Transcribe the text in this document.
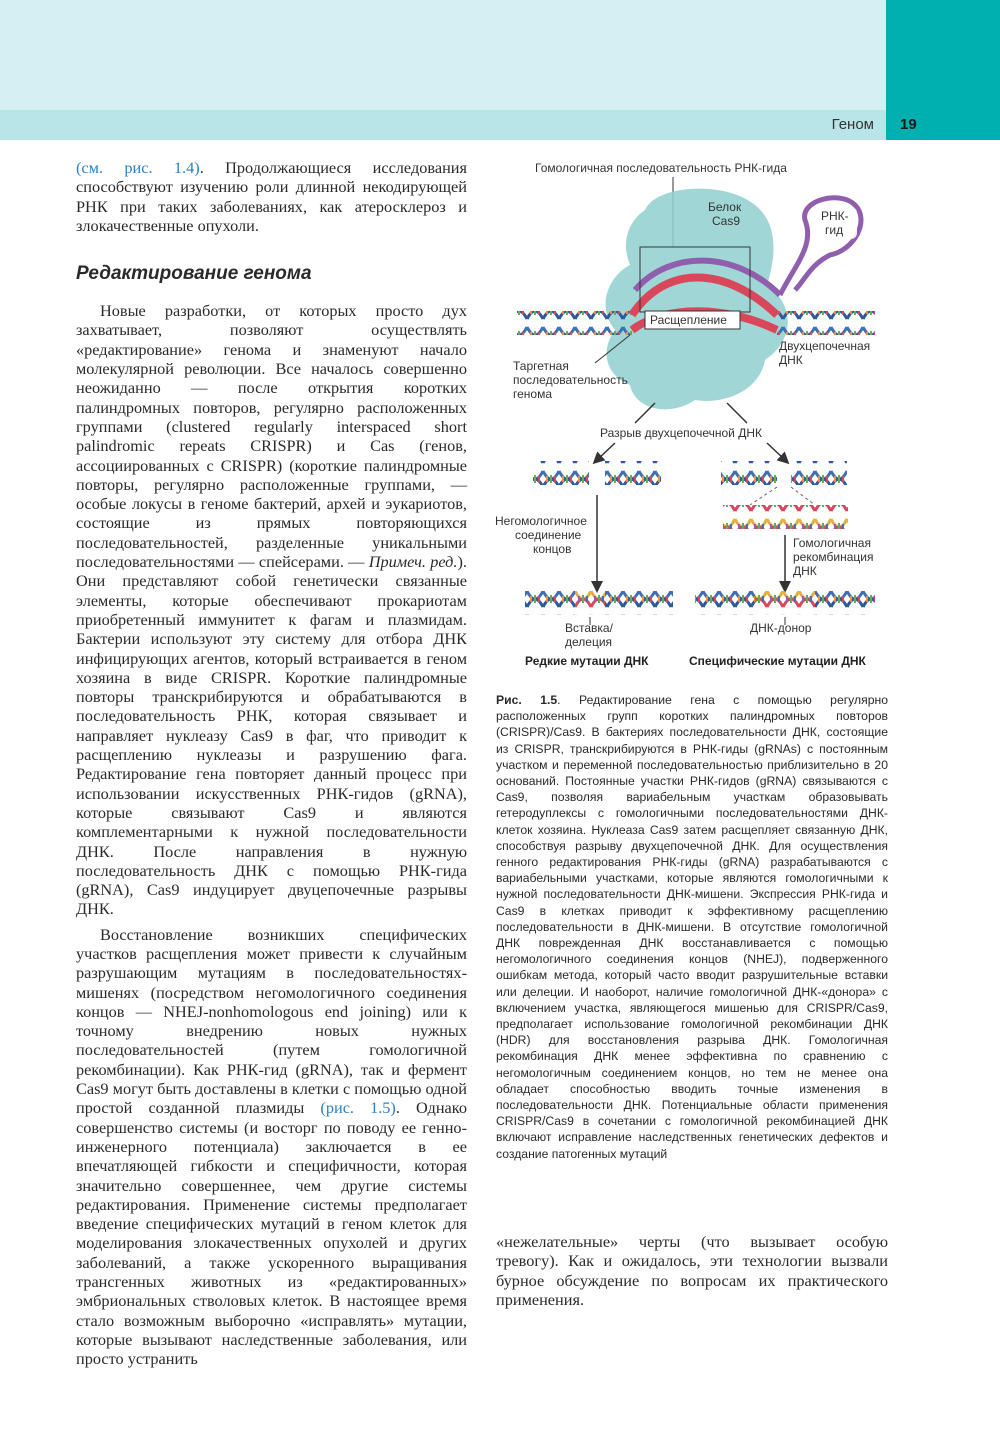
Геном 19

(см. рис. 1.4). Продолжающиеся исследования способствуют изучению роли длинной некодирующей РНК при таких заболеваниях, как атеросклероз и злокачественные опухоли.

Редактирование генома

Новые разработки, от которых просто дух захватывает, позволяют осуществлять «редактирование» генома и знаменуют начало молекулярной революции. Все началось совершенно неожиданно — после открытия коротких палиндромных повторов, регулярно расположенных группами (clustered regularly interspaced short palindromic repeats CRISPR) и Cas (генов, ассоциированных с CRISPR) (короткие палиндромные повторы, регулярно расположенные группами, — особые локусы в геноме бактерий, архей и эукариотов, состоящие из прямых повторяющихся последовательностей, разделенные уникальными последовательностями — спейсерами. — Примеч. ред.). Они представляют собой генетически связанные элементы, которые обеспечивают прокариотам приобретенный иммунитет к фагам и плазмидам. Бактерии используют эту систему для отбора ДНК инфицирующих агентов, который встраивается в геном хозяина в виде CRISPR. Короткие палиндромные повторы транскрибируются и обрабатываются в последовательность РНК, которая связывает и направляет нуклеазу Cas9 в фаг, что приводит к расщеплению нуклеазы и разрушению фага. Редактирование гена повторяет данный процесс при использовании искусственных РНК-гидов (gRNA), которые связывают Cas9 и являются комплементарными к нужной последовательности ДНК. После направления в нужную последовательность ДНК с помощью РНК-гида (gRNA), Cas9 индуцирует двуцепочечные разрывы ДНК.

Восстановление возникших специфических участков расщепления может привести к случайным разрушающим мутациям в последовательностях-мишенях (посредством негомологичного соединения концов — NHEJ-nonhomologous end joining) или к точному внедрению новых нужных последовательностей (путем гомологичной рекомбинации). Как РНК-гид (gRNA), так и фермент Cas9 могут быть доставлены в клетки с помощью одной простой созданной плазмиды (рис. 1.5). Однако совершенство системы (и восторг по поводу ее генно-инженерного потенциала) заключается в ее впечатляющей гибкости и специфичности, которая значительно совершеннее, чем другие системы редактирования. Применение системы предполагает введение специфических мутаций в геном клеток для моделирования злокачественных опухолей и других заболеваний, а также ускоренного выращивания трансгенных животных из «редактированных» эмбриональных стволовых клеток. В настоящее время стало возможным выборочно «исправлять» мутации, которые вызывают наследственные заболевания, или просто устранить

Гомологичная последовательность РНК-гида
РНК-
гид
Белок
Cas9
Расщепление
Двухцепочечная
ДНК
Таргетная
последовательность
генома
Разрыв двухцепочечной ДНК
Негомологичное
соединение
концов	Гомологичная
рекомбинация
ДНК
Вставка/
делеция
ДНК-донор
Редкие мутации ДНК	Специфические мутации ДНК
Рис. 1.5. Редактирование гена с помощью регулярно расположенных групп коротких палиндромных повторов (CRISPR)/Cas9. В бактериях последовательности ДНК, состоящие из CRISPR, транскрибируются в РНК-гиды (gRNAs) с постоянным участком и переменной последовательностью приблизительно в 20 оснований. Постоянные участки РНК-гидов (gRNA) связываются с Cas9, позволяя вариабельным участкам образовывать гетеродуплексы с гомологичными последовательностями ДНК-клеток хозяина. Нуклеаза Cas9 затем расщепляет связанную ДНК, способствуя разрыву двухцепочечной ДНК. Для осуществления генного редактирования РНК-гиды (gRNA) разрабатываются с вариабельными участками, которые являются гомологичными к нужной последовательности ДНК-мишени. Экспрессия РНК-гида и Cas9 в клетках приводит к эффективному расщеплению последовательности в ДНК-мишени. В отсутствие гомологичной ДНК поврежденная ДНК восстанавливается с помощью негомологичного соединения концов (NHEJ), подверженного ошибкам метода, который часто вводит разрушительные вставки или делеции. И наоборот, наличие гомологичной ДНК-«донора» с включением участка, являющегося мишенью для CRISPR/Cas9, предполагает использование гомологичной рекомбинации ДНК (HDR) для восстановления разрыва ДНК. Гомологичная рекомбинация ДНК менее эффективна по сравнению с негомологичным соединением концов, но тем не менее она обладает способностью вводить точные изменения в последовательности ДНК. Потенциальные области применения CRISPR/Cas9 в сочетании с гомологичной рекомбинацией ДНК включают исправление наследственных генетических дефектов и создание патогенных мутаций

«нежелательные» черты (что вызывает особую тревогу). Как и ожидалось, эти технологии вызвали бурное обсуждение по вопросам их практического применения.
